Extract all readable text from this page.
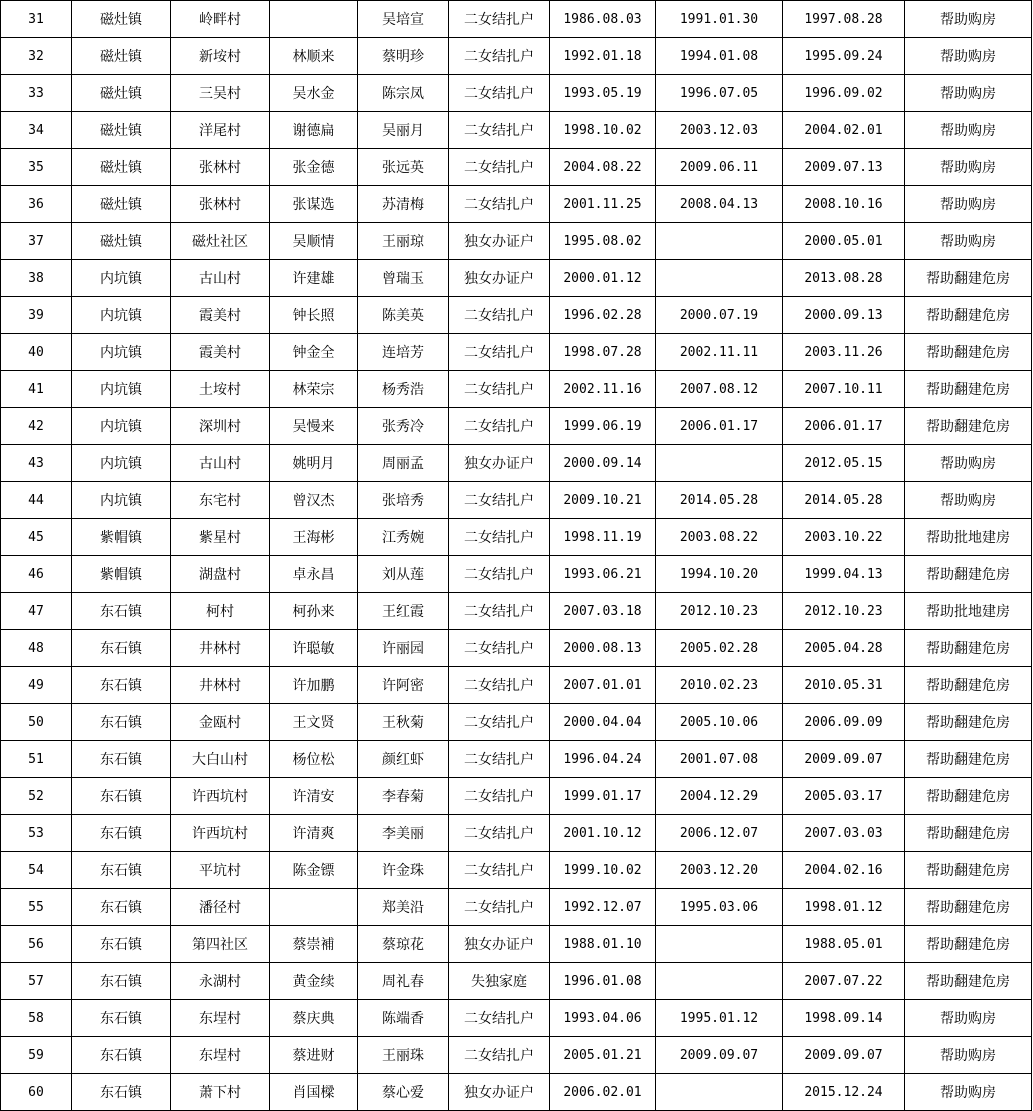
31	磁灶镇	岭畔村		吴培宣	二女结扎户	1986.08.03	1991.01.30	1997.08.28	帮助购房
32	磁灶镇	新垵村	林顺来	蔡明珍	二女结扎户	1992.01.18	1994.01.08	1995.09.24	帮助购房
33	磁灶镇	三吴村	吴水金	陈宗凤	二女结扎户	1993.05.19	1996.07.05	1996.09.02	帮助购房
34	磁灶镇	洋尾村	谢德扁	吴丽月	二女结扎户	1998.10.02	2003.12.03	2004.02.01	帮助购房
35	磁灶镇	张林村	张金德	张远英	二女结扎户	2004.08.22	2009.06.11	2009.07.13	帮助购房
36	磁灶镇	张林村	张谋选	苏清梅	二女结扎户	2001.11.25	2008.04.13	2008.10.16	帮助购房
37	磁灶镇	磁灶社区	吴顺情	王丽琼	独女办证户	1995.08.02		2000.05.01	帮助购房
38	内坑镇	古山村	许建雄	曾瑞玉	独女办证户	2000.01.12		2013.08.28	帮助翻建危房
39	内坑镇	霞美村	钟长照	陈美英	二女结扎户	1996.02.28	2000.07.19	2000.09.13	帮助翻建危房
40	内坑镇	霞美村	钟金全	连培芳	二女结扎户	1998.07.28	2002.11.11	2003.11.26	帮助翻建危房
41	内坑镇	土垵村	林荣宗	杨秀浩	二女结扎户	2002.11.16	2007.08.12	2007.10.11	帮助翻建危房
42	内坑镇	深圳村	吴慢来	张秀冷	二女结扎户	1999.06.19	2006.01.17	2006.01.17	帮助翻建危房
43	内坑镇	古山村	姚明月	周丽孟	独女办证户	2000.09.14		2012.05.15	帮助购房
44	内坑镇	东宅村	曾汉杰	张培秀	二女结扎户	2009.10.21	2014.05.28	2014.05.28	帮助购房
45	紫帽镇	紫星村	王海彬	江秀婉	二女结扎户	1998.11.19	2003.08.22	2003.10.22	帮助批地建房
46	紫帽镇	湖盘村	卓永昌	刘从莲	二女结扎户	1993.06.21	1994.10.20	1999.04.13	帮助翻建危房
47	东石镇	柯村	柯孙来	王红霞	二女结扎户	2007.03.18	2012.10.23	2012.10.23	帮助批地建房
48	东石镇	井林村	许聪敏	许丽园	二女结扎户	2000.08.13	2005.02.28	2005.04.28	帮助翻建危房
49	东石镇	井林村	许加鹏	许阿密	二女结扎户	2007.01.01	2010.02.23	2010.05.31	帮助翻建危房
50	东石镇	金瓯村	王文贤	王秋菊	二女结扎户	2000.04.04	2005.10.06	2006.09.09	帮助翻建危房
51	东石镇	大白山村	杨位松	颜红虾	二女结扎户	1996.04.24	2001.07.08	2009.09.07	帮助翻建危房
52	东石镇	许西坑村	许清安	李春菊	二女结扎户	1999.01.17	2004.12.29	2005.03.17	帮助翻建危房
53	东石镇	许西坑村	许清爽	李美丽	二女结扎户	2001.10.12	2006.12.07	2007.03.03	帮助翻建危房
54	东石镇	平坑村	陈金镖	许金珠	二女结扎户	1999.10.02	2003.12.20	2004.02.16	帮助翻建危房
55	东石镇	潘径村		郑美沿	二女结扎户	1992.12.07	1995.03.06	1998.01.12	帮助翻建危房
56	东石镇	第四社区	蔡崇補	蔡琼花	独女办证户	1988.01.10		1988.05.01	帮助翻建危房
57	东石镇	永湖村	黄金续	周礼春	失独家庭	1996.01.08		2007.07.22	帮助翻建危房
58	东石镇	东埕村	蔡庆典	陈端香	二女结扎户	1993.04.06	1995.01.12	1998.09.14	帮助购房
59	东石镇	东埕村	蔡进财	王丽珠	二女结扎户	2005.01.21	2009.09.07	2009.09.07	帮助购房
60	东石镇	萧下村	肖国樑	蔡心爱	独女办证户	2006.02.01		2015.12.24	帮助购房
